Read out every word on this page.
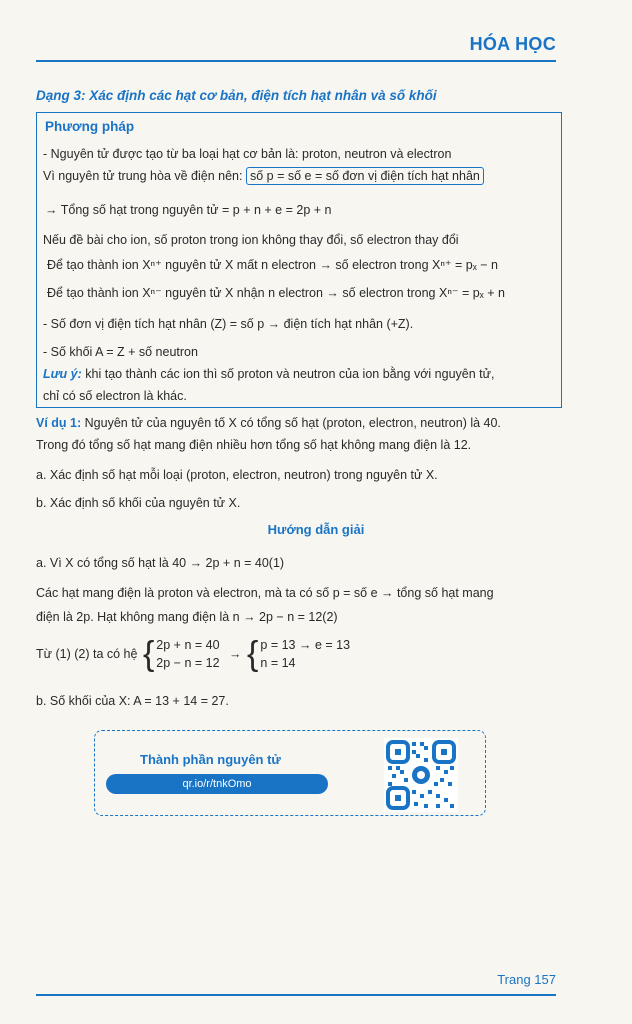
HÓA HỌC
Dạng 3: Xác định các hạt cơ bản, điện tích hạt nhân và số khối
Phương pháp
- Nguyên tử được tạo từ ba loại hạt cơ bản là: proton, neutron và electron
Vì nguyên tử trung hòa về điện nên: số p = số e = số đơn vị điện tích hạt nhân
→ Tổng số hạt trong nguyên tử = p + n + e = 2p + n
Nếu đề bài cho ion, số proton trong ion không thay đổi, số electron thay đổi
Để tạo thành ion Xⁿ⁺ nguyên tử X mất n electron → số electron trong Xⁿ⁺ = pₓ − n
Để tạo thành ion Xⁿ⁻ nguyên tử X nhận n electron → số electron trong Xⁿ⁻ = pₓ + n
- Số đơn vị điện tích hạt nhân (Z) = số p → điện tích hạt nhân (+Z).
- Số khối A = Z + số neutron
Lưu ý: khi tạo thành các ion thì số proton và neutron của ion bằng với nguyên tử,
chỉ có số electron là khác.
Ví dụ 1: Nguyên tử của nguyên tố X có tổng số hạt (proton, electron, neutron) là 40.
Trong đó tổng số hạt mang điện nhiều hơn tổng số hạt không mang điện là 12.
a. Xác định số hạt mỗi loại (proton, electron, neutron) trong nguyên tử X.
b. Xác định số khối của nguyên tử X.
Hướng dẫn giải
a. Vì X có tổng số hạt là 40 → 2p + n = 40(1)
Các hạt mang điện là proton và electron, mà ta có số p = số e → tổng số hạt mang
điện là 2p. Hạt không mang điện là n → 2p − n = 12(2)
Từ (1) (2) ta có hệ { 2p + n = 40
2p − n = 12
→ { p = 13 → e = 13
n = 14
b. Số khối của X: A = 13 + 14 = 27.
Thành phần nguyên tử
qr.io/r/tnkOmo
Trang 157
